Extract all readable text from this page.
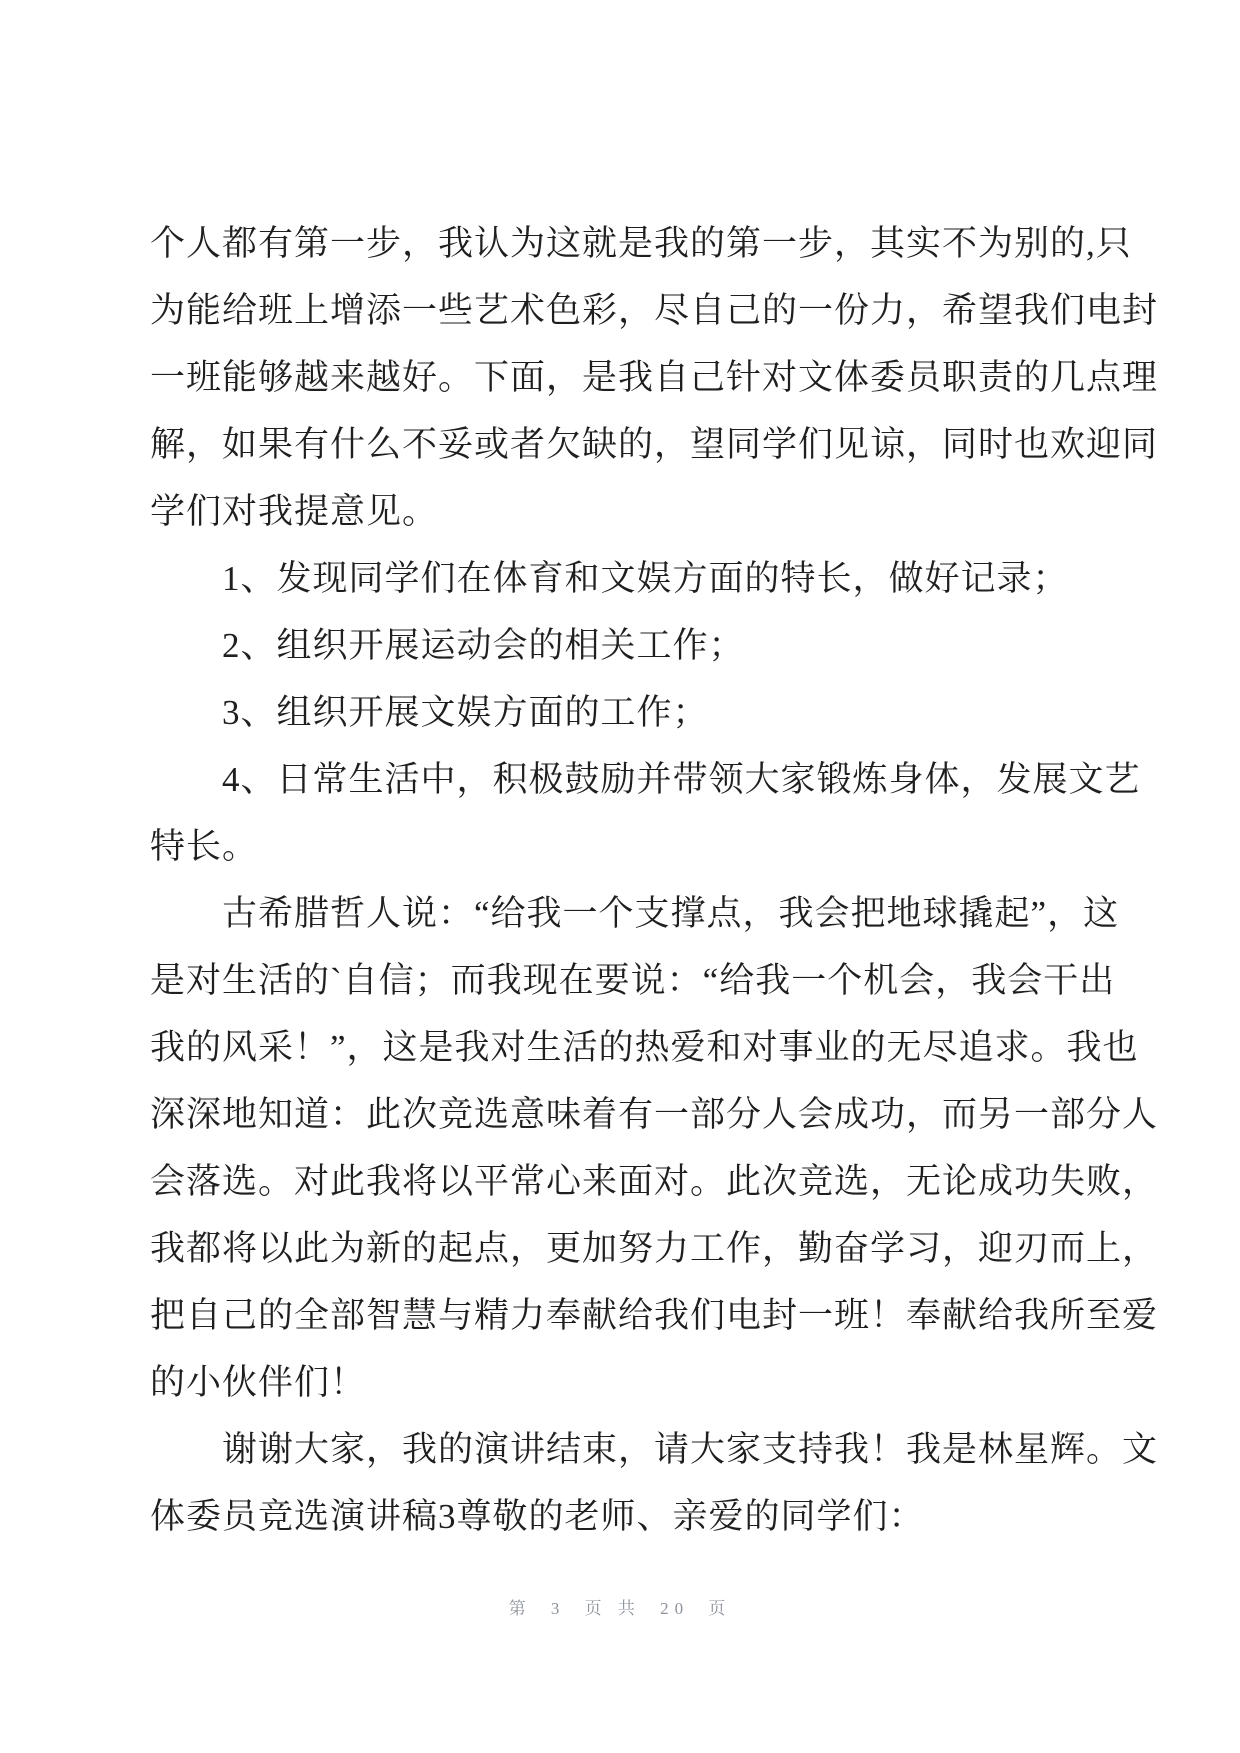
个人都有第一步，我认为这就是我的第一步，其实不为别的,只
为能给班上增添一些艺术色彩，尽自己的一份力，希望我们电封
一班能够越来越好。下面，是我自己针对文体委员职责的几点理
解，如果有什么不妥或者欠缺的，望同学们见谅，同时也欢迎同
学们对我提意见。
1、发现同学们在体育和文娱方面的特长，做好记录；
2、组织开展运动会的相关工作；
3、组织开展文娱方面的工作；
4、日常生活中，积极鼓励并带领大家锻炼身体，发展文艺
特长。
古希腊哲人说：“给我一个支撑点，我会把地球撬起”，这
是对生活的`自信；而我现在要说：“给我一个机会，我会干出
我的风采！”，这是我对生活的热爱和对事业的无尽追求。我也
深深地知道：此次竞选意味着有一部分人会成功，而另一部分人
会落选。对此我将以平常心来面对。此次竞选，无论成功失败，
我都将以此为新的起点，更加努力工作，勤奋学习，迎刃而上，
把自己的全部智慧与精力奉献给我们电封一班！奉献给我所至爱
的小伙伴们！
谢谢大家，我的演讲结束，请大家支持我！我是林星辉。文
体委员竞选演讲稿3尊敬的老师、亲爱的同学们：
第 3 页 共 20 页
